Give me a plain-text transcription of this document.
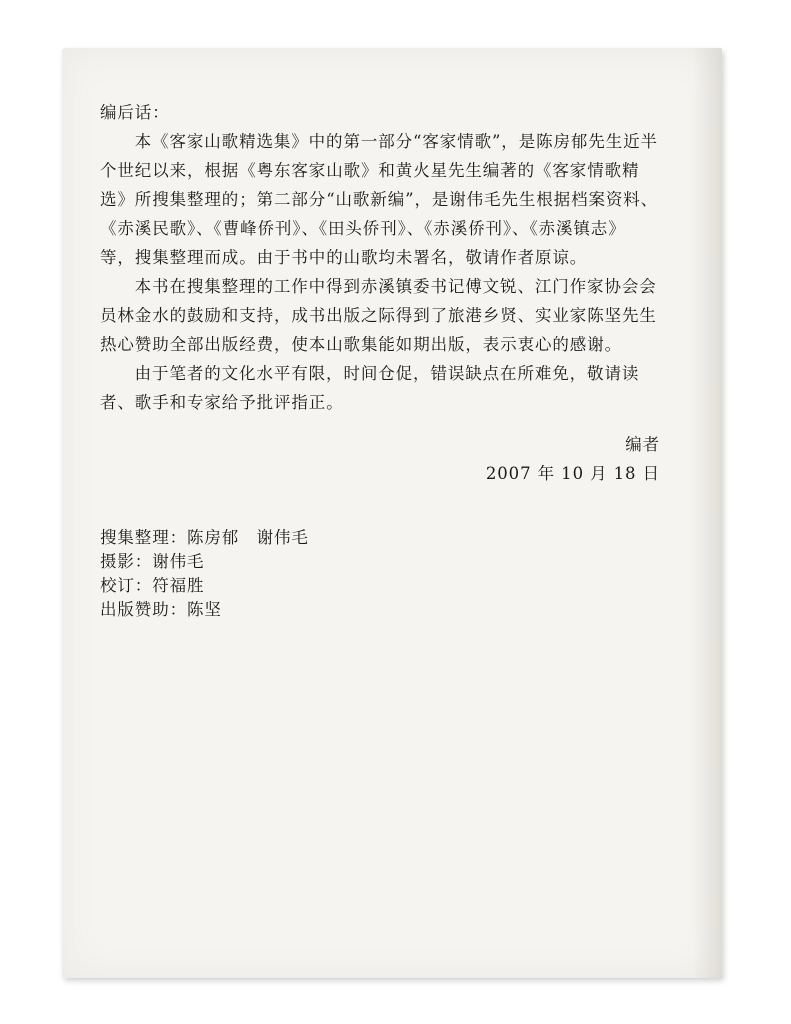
编后话：

本《客家山歌精选集》中的第一部分“客家情歌”，是陈房郁先生近半个世纪以来，根据《粤东客家山歌》和黄火星先生编著的《客家情歌精选》所搜集整理的；第二部分“山歌新编”，是谢伟毛先生根据档案资料、《赤溪民歌》、《曹峰侨刊》、《田头侨刊》、《赤溪侨刊》、《赤溪镇志》等，搜集整理而成。由于书中的山歌均未署名，敬请作者原谅。

本书在搜集整理的工作中得到赤溪镇委书记傅文锐、江门作家协会会员林金水的鼓励和支持，成书出版之际得到了旅港乡贤、实业家陈坚先生热心赞助全部出版经费，使本山歌集能如期出版，表示衷心的感谢。

由于笔者的文化水平有限，时间仓促，错误缺点在所难免，敬请读者、歌手和专家给予批评指正。

编者
2007 年 10 月 18 日
搜集整理：陈房郁　谢伟毛
摄影：谢伟毛
校订：符福胜
出版赞助：陈坚
